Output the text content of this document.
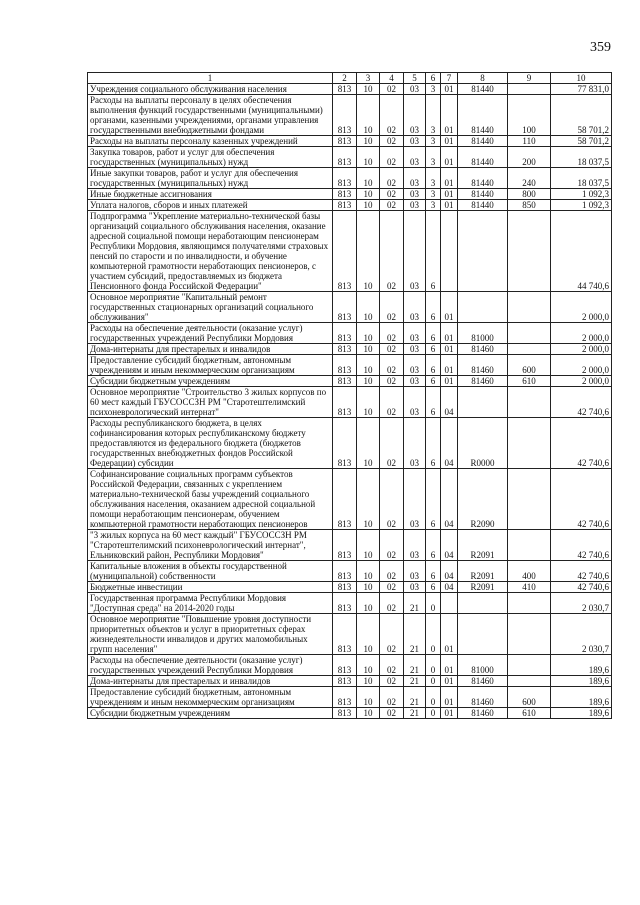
359
1	2	3	4	5	6	7	8	9	10
Учреждения социального обслуживания населения	813	10	02	03	3	01	81440		77 831,0
Расходы на выплаты персоналу в целях обеспечения выполнения функций государственными (муниципальными) органами, казенными учреждениями, органами управления государственными внебюджетными фондами	813	10	02	03	3	01	81440	100	58 701,2
Расходы на выплаты персоналу казенных учреждений	813	10	02	03	3	01	81440	110	58 701,2
Закупка товаров, работ и услуг для обеспечения государственных (муниципальных) нужд	813	10	02	03	3	01	81440	200	18 037,5
Иные закупки товаров, работ и услуг для обеспечения государственных (муниципальных) нужд	813	10	02	03	3	01	81440	240	18 037,5
Иные бюджетные ассигнования	813	10	02	03	3	01	81440	800	1 092,3
Уплата налогов, сборов и иных платежей	813	10	02	03	3	01	81440	850	1 092,3
Подпрограмма "Укрепление материально-технической базы организаций социального обслуживания населения, оказание адресной социальной помощи неработающим пенсионерам Республики Мордовия, являющимся получателями страховых пенсий по старости и по инвалидности, и обучение компьютерной грамотности неработающих пенсионеров, с участием субсидий, предоставляемых из бюджета Пенсионного фонда Российской Федерации"	813	10	02	03	6				44 740,6
Основное мероприятие "Капитальный ремонт государственных стационарных организаций социального обслуживания"	813	10	02	03	6	01			2 000,0
Расходы на обеспечение деятельности (оказание услуг) государственных учреждений Республики Мордовия	813	10	02	03	6	01	81000		2 000,0
Дома-интернаты для престарелых и инвалидов	813	10	02	03	6	01	81460		2 000,0
Предоставление субсидий бюджетным, автономным учреждениям и иным некоммерческим организациям	813	10	02	03	6	01	81460	600	2 000,0
Субсидии бюджетным учреждениям	813	10	02	03	6	01	81460	610	2 000,0
Основное мероприятие "Строительство 3 жилых корпусов по 60 мест каждый ГБУСОССЗН РМ "Старотештелимский психоневрологический интернат"	813	10	02	03	6	04			42 740,6
Расходы республиканского бюджета, в целях софинансирования которых республиканскому бюджету предоставляются из федерального бюджета (бюджетов государственных внебюджетных фондов Российской Федерации) субсидии	813	10	02	03	6	04	R0000		42 740,6
Софинансирование социальных программ субъектов Российской Федерации, связанных с укреплением материально-технической базы учреждений социального обслуживания населения, оказанием адресной социальной помощи неработающим пенсионерам, обучением компьютерной грамотности неработающих пенсионеров	813	10	02	03	6	04	R2090		42 740,6
"3 жилых корпуса на 60 мест каждый" ГБУСОССЗН РМ "Старотештелимский психоневрологический интернат", Ельниковский район, Республики Мордовия"	813	10	02	03	6	04	R2091		42 740,6
Капитальные вложения в объекты государственной (муниципальной) собственности	813	10	02	03	6	04	R2091	400	42 740,6
Бюджетные инвестиции	813	10	02	03	6	04	R2091	410	42 740,6
Государственная программа Республики Мордовия "Доступная среда" на 2014-2020 годы	813	10	02	21	0				2 030,7
Основное мероприятие "Повышение уровня доступности приоритетных объектов и услуг в приоритетных сферах жизнедеятельности инвалидов и других маломобильных групп населения"	813	10	02	21	0	01			2 030,7
Расходы на обеспечение деятельности (оказание услуг) государственных учреждений Республики Мордовия	813	10	02	21	0	01	81000		189,6
Дома-интернаты для престарелых и инвалидов	813	10	02	21	0	01	81460		189,6
Предоставление субсидий бюджетным, автономным учреждениям и иным некоммерческим организациям	813	10	02	21	0	01	81460	600	189,6
Субсидии бюджетным учреждениям	813	10	02	21	0	01	81460	610	189,6
